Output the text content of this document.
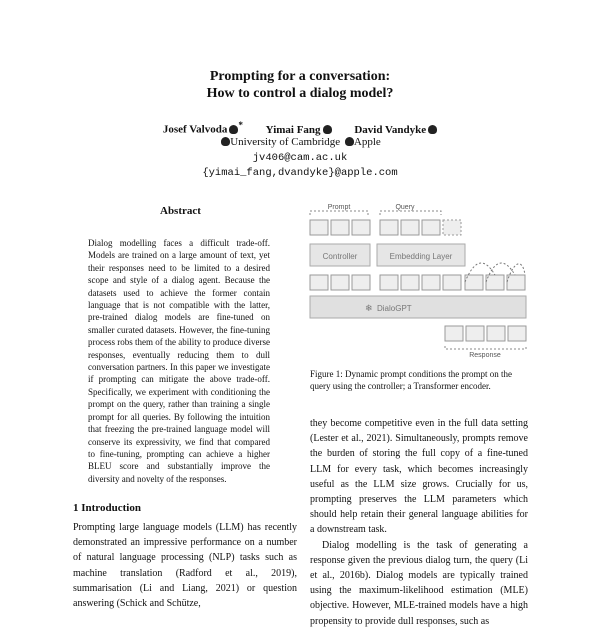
Prompting for a conversation:
How to control a dialog model?
Josef Valvoda * Yimai Fang	David Vandyke
University of Cambridge Apple
jv406@cam.ac.uk
{yimai_fang,dvandyke}@apple.com
Abstract
Dialog modelling faces a difficult trade-off. Models are trained on a large amount of text, yet their responses need to be limited to a desired scope and style of a dialog agent. Because the datasets used to achieve the former contain language that is not compatible with the latter, pre-trained dialog models are fine-tuned on smaller curated datasets. However, the fine-tuning process robs them of the ability to produce diverse responses, eventually reducing them to dull conversation partners. In this paper we investigate if prompting can mitigate the above trade-off. Specifically, we experiment with conditioning the prompt on the query, rather than training a single prompt for all queries. By following the intuition that freezing the pre-trained language model will conserve its expressivity, we find that compared to fine-tuning, prompting can achieve a higher BLEU score and substantially improve the diversity and novelty of the responses.
1 Introduction
Prompting large language models (LLM) has recently demonstrated an impressive performance on a number of natural language processing (NLP) tasks such as machine translation (Radford et al., 2019), summarisation (Li and Liang, 2021) or question answering (Schick and Schütze,
Prompt	Query
Controller	Embedding Layer
❄ DialoGPT
Response
Figure 1: Dynamic prompt conditions the prompt on the query using the controller; a Transformer encoder.
they become competitive even in the full data setting (Lester et al., 2021). Simultaneously, prompts remove the burden of storing the full copy of a fine-tuned LLM for every task, which becomes increasingly useful as the LLM size grows. Crucially for us, prompting preserves the LLM parameters which should help retain their general language abilities for a downstream task.
Dialog modelling is the task of generating a response given the previous dialog turn, the query (Li et al., 2016b). Dialog models are typically trained using the maximum-likelihood estimation (MLE) objective. However, MLE-trained models have a high propensity to provide dull responses, such as
